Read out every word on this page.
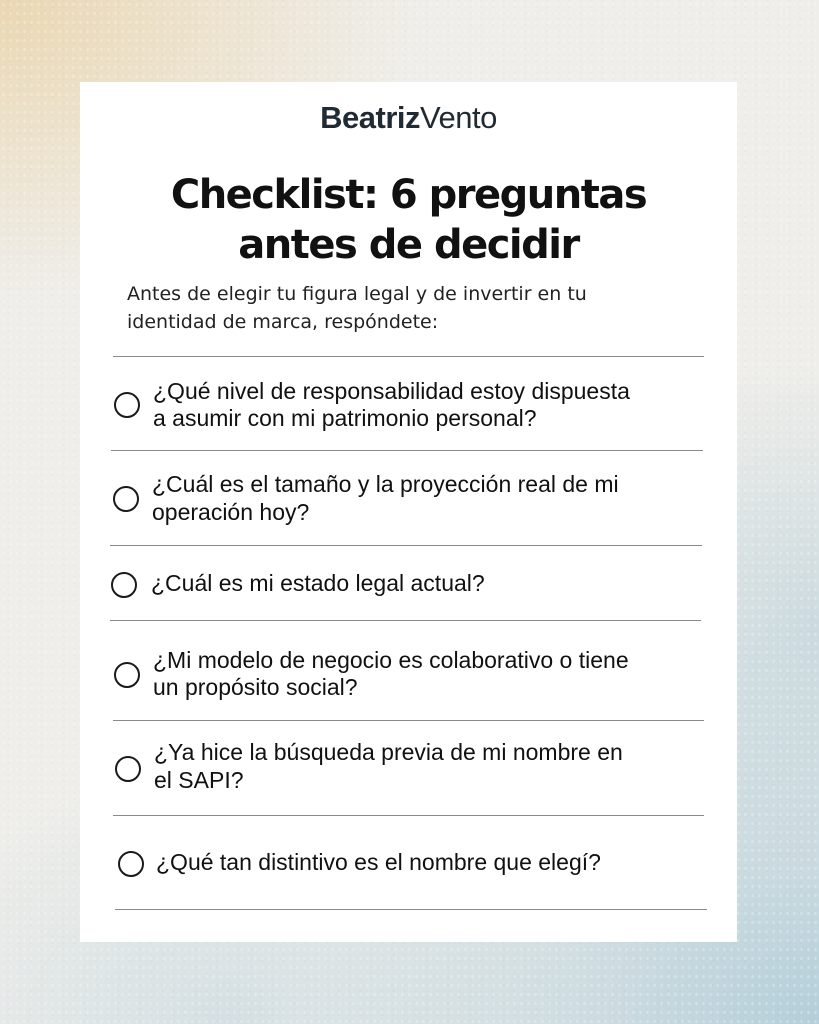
BeatrizVento
Checklist: 6 preguntas
antes de decidir

Antes de elegir tu figura legal y de invertir en tu
identidad de marca, respóndete:

¿Qué nivel de responsabilidad estoy dispuesta
a asumir con mi patrimonio personal?
¿Cuál es el tamaño y la proyección real de mi
operación hoy?
¿Cuál es mi estado legal actual?
¿Mi modelo de negocio es colaborativo o tiene
un propósito social?
¿Ya hice la búsqueda previa de mi nombre en
el SAPI?
¿Qué tan distintivo es el nombre que elegí?
